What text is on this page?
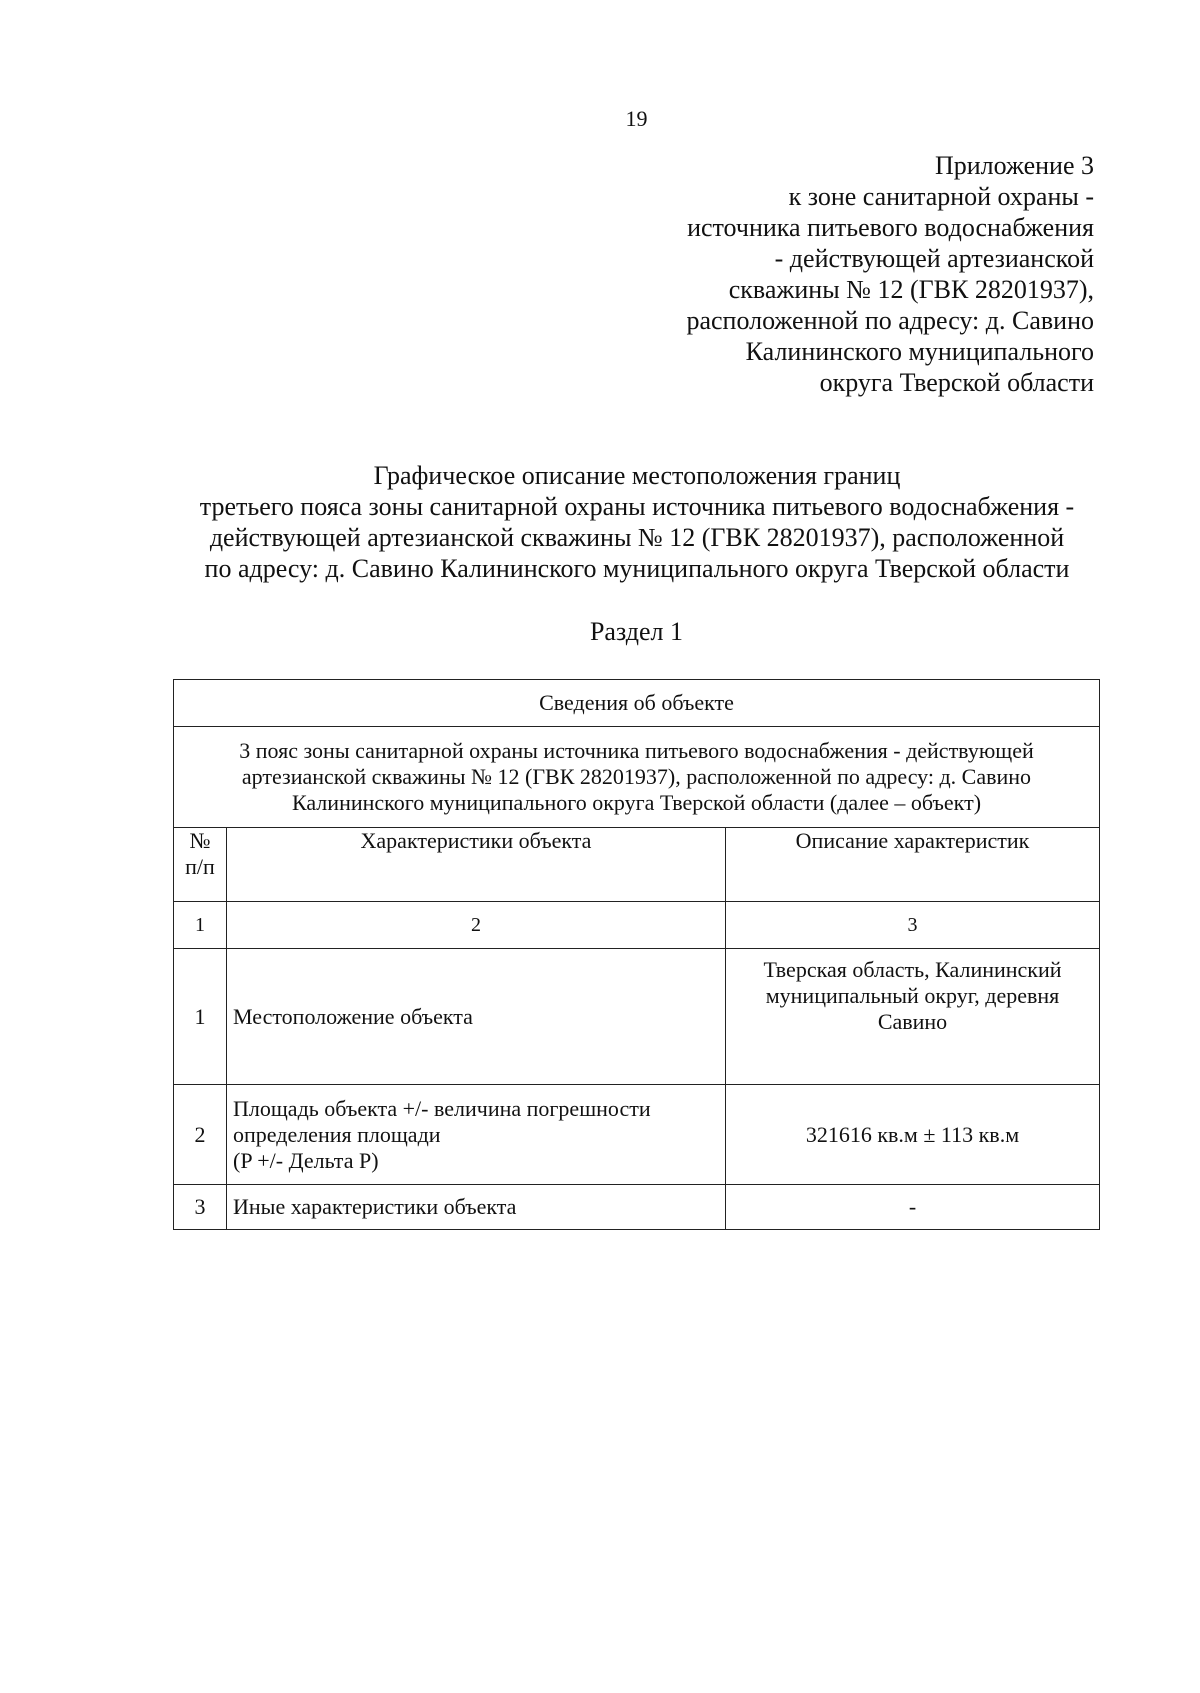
19
Приложение 3
к зоне санитарной охраны -
источника питьевого водоснабжения
- действующей артезианской
скважины № 12 (ГВК 28201937),
расположенной по адресу: д. Савино
Калининского муниципального
округа Тверской области
Графическое описание местоположения границ
третьего пояса зоны санитарной охраны источника питьевого водоснабжения -
действующей артезианской скважины № 12 (ГВК 28201937), расположенной
по адресу: д. Савино Калининского муниципального округа Тверской области
Раздел 1
Сведения об объекте		

3 пояс зоны санитарной охраны источника питьевого водоснабжения - действующей
артезианской скважины № 12 (ГВК 28201937), расположенной по адресу: д. Савино
Калининского муниципального округа Тверской области (далее – объект)		

№
п/п	Характеристики объекта	Описание характеристик
1	2	3
1	Местоположение объекта	Тверская область, Калининский
муниципальный округ, деревня
Савино

2	Площадь объекта +/- величина погрешности
определения площади
(P +/- Дельта P)	321616 кв.м ± 113 кв.м

3	Иные характеристики объекта	-
